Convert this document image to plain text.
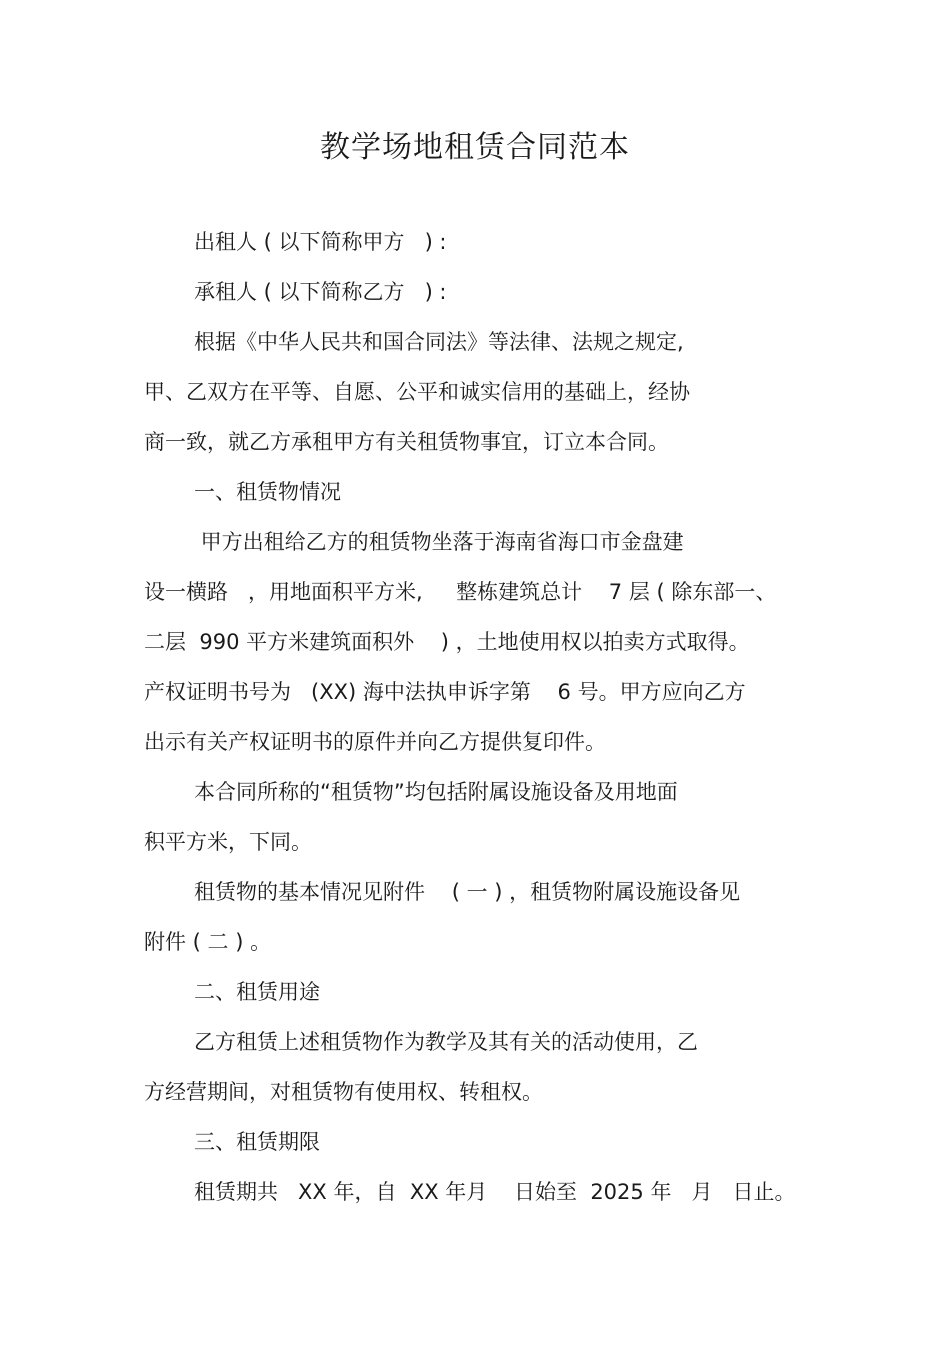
教学场地租赁合同范本
出租人 ( 以下简称甲方   ) :
承租人 ( 以下简称乙方   ) :
根据《中华人民共和国合同法》等法律、法规之规定,
甲、乙双方在平等、自愿、公平和诚实信用的基础上，经协
商一致，就乙方承租甲方有关租赁物事宜，订立本合同。
一、租赁物情况
甲方出租给乙方的租赁物坐落于海南省海口市金盘建
设一横路   ，用地面积平方米,     整栋建筑总计    7 层 ( 除东部一、
二层  990 平方米建筑面积外    ) ，土地使用权以拍卖方式取得。
产权证明书号为   (XX) 海中法执申诉字第    6 号。甲方应向乙方
出示有关产权证明书的原件并向乙方提供复印件。
本合同所称的“租赁物”均包括附属设施设备及用地面
积平方米，下同。
租赁物的基本情况见附件    ( 一 ) ，租赁物附属设施设备见
附件 ( 二 ) 。
二、租赁用途
乙方租赁上述租赁物作为教学及其有关的活动使用，乙
方经营期间，对租赁物有使用权、转租权。
三、租赁期限
租赁期共   XX 年，自  XX 年月    日始至  2025 年   月   日止。
